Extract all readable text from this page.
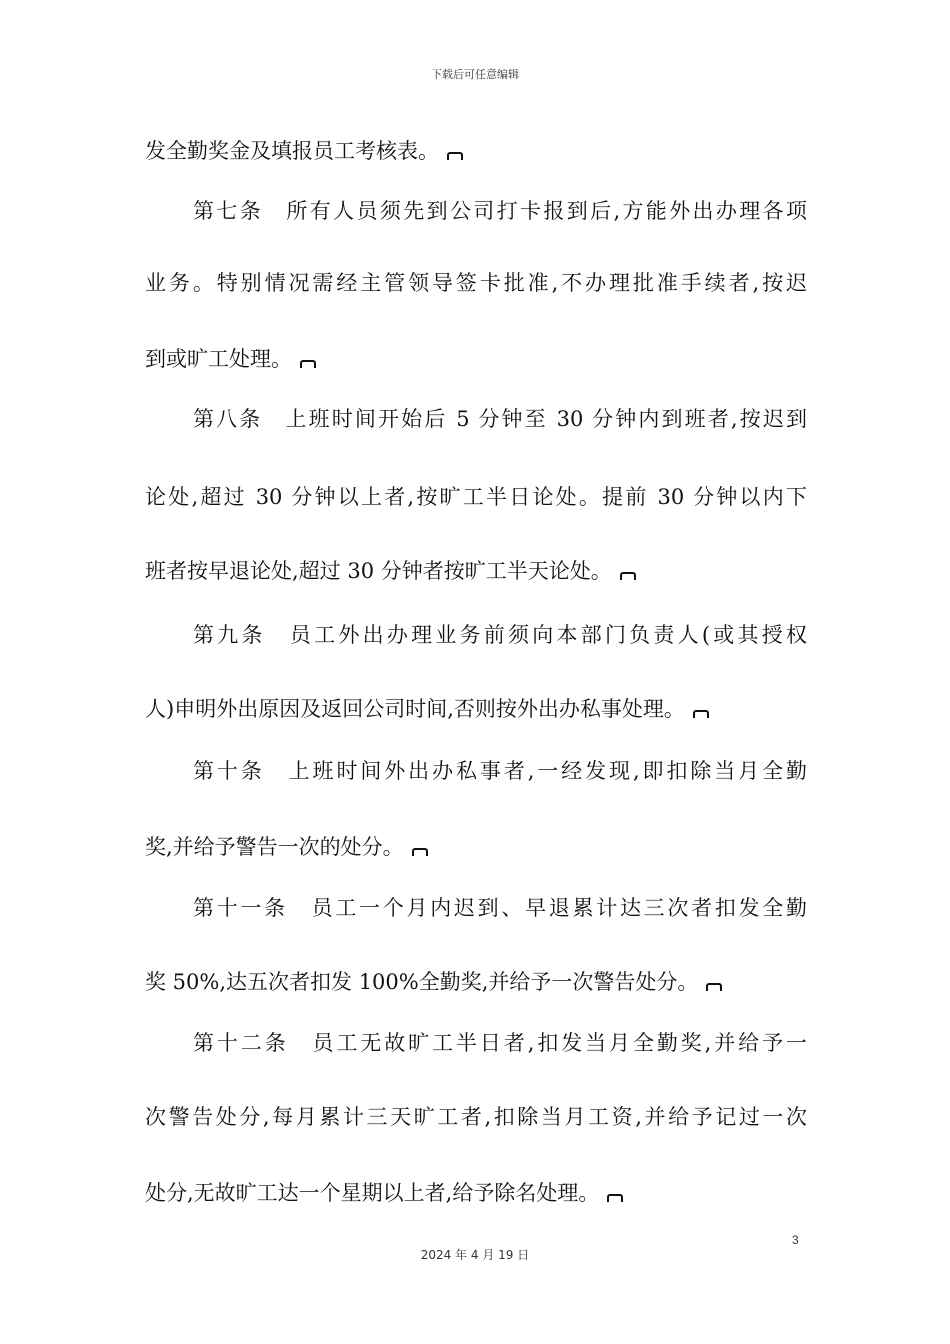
下载后可任意编辑
发全勤奖金及填报员工考核表。
第七条　所有人员须先到公司打卡报到后,方能外出办理各项
业务。特别情况需经主管领导签卡批准,不办理批准手续者,按迟
到或旷工处理。
第八条　上班时间开始后 5 分钟至 30 分钟内到班者,按迟到
论处,超过 30 分钟以上者,按旷工半日论处。提前 30 分钟以内下
班者按早退论处,超过 30 分钟者按旷工半天论处。
第九条　员工外出办理业务前须向本部门负责人(或其授权
人)申明外出原因及返回公司时间,否则按外出办私事处理。
第十条　上班时间外出办私事者,一经发现,即扣除当月全勤
奖,并给予警告一次的处分。
第十一条　员工一个月内迟到、早退累计达三次者扣发全勤
奖 50%,达五次者扣发 100%全勤奖,并给予一次警告处分。
第十二条　员工无故旷工半日者,扣发当月全勤奖,并给予一
次警告处分,每月累计三天旷工者,扣除当月工资,并给予记过一次
处分,无故旷工达一个星期以上者,给予除名处理。
3
2024 年 4 月 19 日
